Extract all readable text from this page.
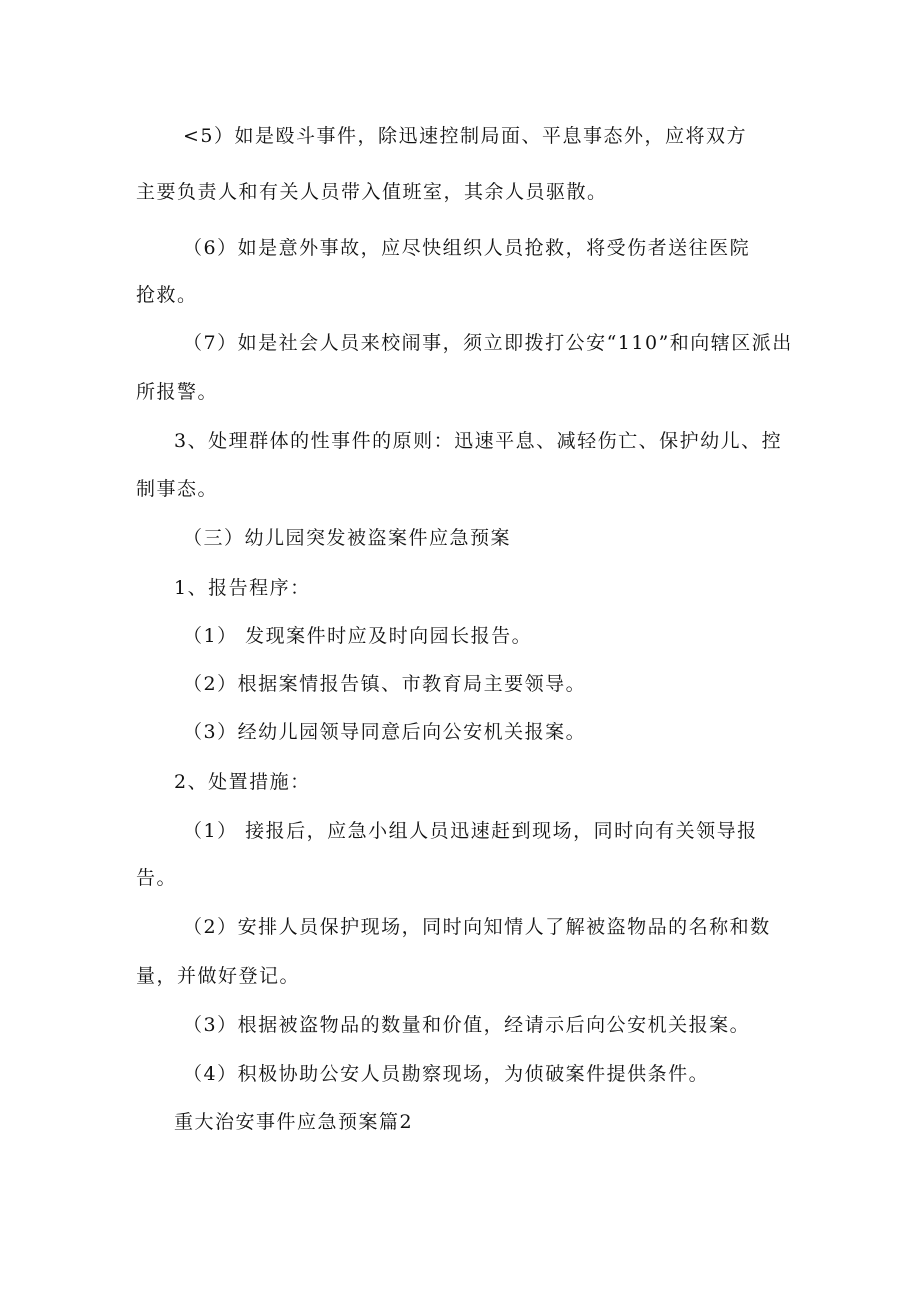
<5）如是殴斗事件，除迅速控制局面、平息事态外，应将双方
主要负责人和有关人员带入值班室，其余人员驱散。
（6）如是意外事故，应尽快组织人员抢救，将受伤者送往医院
抢救。
（7）如是社会人员来校闹事，须立即拨打公安“110”和向辖区派出
所报警。
3、处理群体的性事件的原则：迅速平息、减轻伤亡、保护幼儿、控
制事态。
（三）幼儿园突发被盗案件应急预案
1、报告程序：
（1） 发现案件时应及时向园长报告。
（2）根据案情报告镇、市教育局主要领导。
（3）经幼儿园领导同意后向公安机关报案。
2、处置措施：
（1） 接报后，应急小组人员迅速赶到现场，同时向有关领导报
告。
（2）安排人员保护现场，同时向知情人了解被盗物品的名称和数
量，并做好登记。
（3）根据被盗物品的数量和价值，经请示后向公安机关报案。
（4）积极协助公安人员勘察现场，为侦破案件提供条件。
重大治安事件应急预案篇2
